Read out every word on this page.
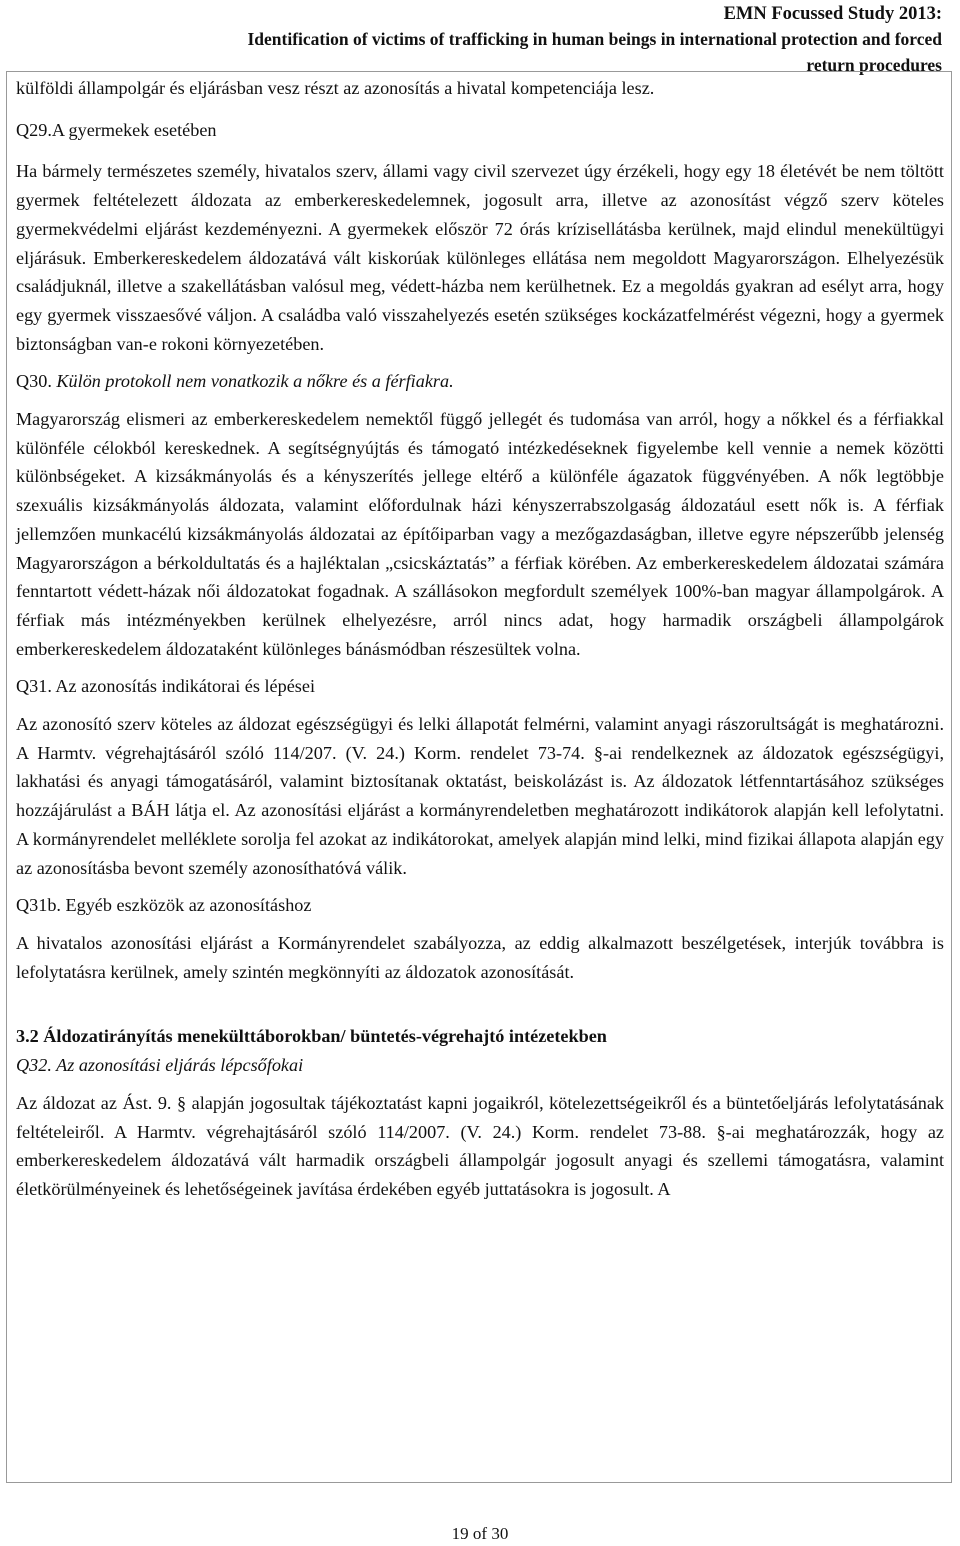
EMN Focussed Study 2013:
Identification of victims of trafficking in human beings in international protection and forced
return procedures

külföldi állampolgár és eljárásban vesz részt az azonosítás a hivatal kompetenciája lesz.

Q29.A gyermekek esetében

Ha bármely természetes személy, hivatalos szerv, állami vagy civil szervezet úgy érzékeli, hogy egy 18 életévét be nem töltött gyermek feltételezett áldozata az emberkereskedelemnek, jogosult arra, illetve az azonosítást végző szerv köteles gyermekvédelmi eljárást kezdeményezni. A gyermekek először 72 órás krízisellátásba kerülnek, majd elindul menekültügyi eljárásuk. Emberkereskedelem áldozatává vált kiskorúak különleges ellátása nem megoldott Magyarországon. Elhelyezésük családjuknál, illetve a szakellátásban valósul meg, védett-házba nem kerülhetnek. Ez a megoldás gyakran ad esélyt arra, hogy egy gyermek visszaesővé váljon. A családba való visszahelyezés esetén szükséges kockázatfelmérést végezni, hogy a gyermek biztonságban van-e rokoni környezetében.

Q30. Külön protokoll nem vonatkozik a nőkre és a férfiakra.

Magyarország elismeri az emberkereskedelem nemektől függő jellegét és tudomása van arról, hogy a nőkkel és a férfiakkal különféle célokból kereskednek. A segítségnyújtás és támogató intézkedéseknek figyelembe kell vennie a nemek közötti különbségeket. A kizsákmányolás és a kényszerítés jellege eltérő a különféle ágazatok függvényében. A nők legtöbbje szexuális kizsákmányolás áldozata, valamint előfordulnak házi kényszerrabszolgaság áldozatául esett nők is. A férfiak jellemzően munkacélú kizsákmányolás áldozatai az építőiparban vagy a mezőgazdaságban, illetve egyre népszerűbb jelenség Magyarországon a bérkoldultatás és a hajléktalan „csicskáztatás” a férfiak körében. Az emberkereskedelem áldozatai számára fenntartott védett-házak női áldozatokat fogadnak. A szállásokon megfordult személyek 100%-ban magyar állampolgárok. A férfiak más intézményekben kerülnek elhelyezésre, arról nincs adat, hogy harmadik országbeli állampolgárok emberkereskedelem áldozataként különleges bánásmódban részesültek volna.

Q31. Az azonosítás indikátorai és lépései

Az azonosító szerv köteles az áldozat egészségügyi és lelki állapotát felmérni, valamint anyagi rászorultságát is meghatározni. A Harmtv. végrehajtásáról szóló 114/207. (V. 24.) Korm. rendelet 73-74. §-ai rendelkeznek az áldozatok egészségügyi, lakhatási és anyagi támogatásáról, valamint biztosítanak oktatást, beiskolázást is. Az áldozatok létfenntartásához szükséges hozzájárulást a BÁH látja el. Az azonosítási eljárást a kormányrendeletben meghatározott indikátorok alapján kell lefolytatni. A kormányrendelet melléklete sorolja fel azokat az indikátorokat, amelyek alapján mind lelki, mind fizikai állapota alapján egy az azonosításba bevont személy azonosíthatóvá válik.

Q31b. Egyéb eszközök az azonosításhoz

A hivatalos azonosítási eljárást a Kormányrendelet szabályozza, az eddig alkalmazott beszélgetések, interjúk továbbra is lefolytatásra kerülnek, amely szintén megkönnyíti az áldozatok azonosítását.

3.2 Áldozatirányítás menekülttáborokban/ büntetés-végrehajtó intézetekben

Q32. Az azonosítási eljárás lépcsőfokai

Az áldozat az Ást. 9. § alapján jogosultak tájékoztatást kapni jogaikról, kötelezettségeikről és a büntetőeljárás lefolytatásának feltételeiről. A Harmtv. végrehajtásáról szóló 114/2007. (V. 24.) Korm. rendelet 73-88. §-ai meghatározzák, hogy az emberkereskedelem áldozatává vált harmadik országbeli állampolgár jogosult anyagi és szellemi támogatásra, valamint életkörülményeinek és lehetőségeinek javítása érdekében egyéb juttatásokra is jogosult. A

19 of 30
